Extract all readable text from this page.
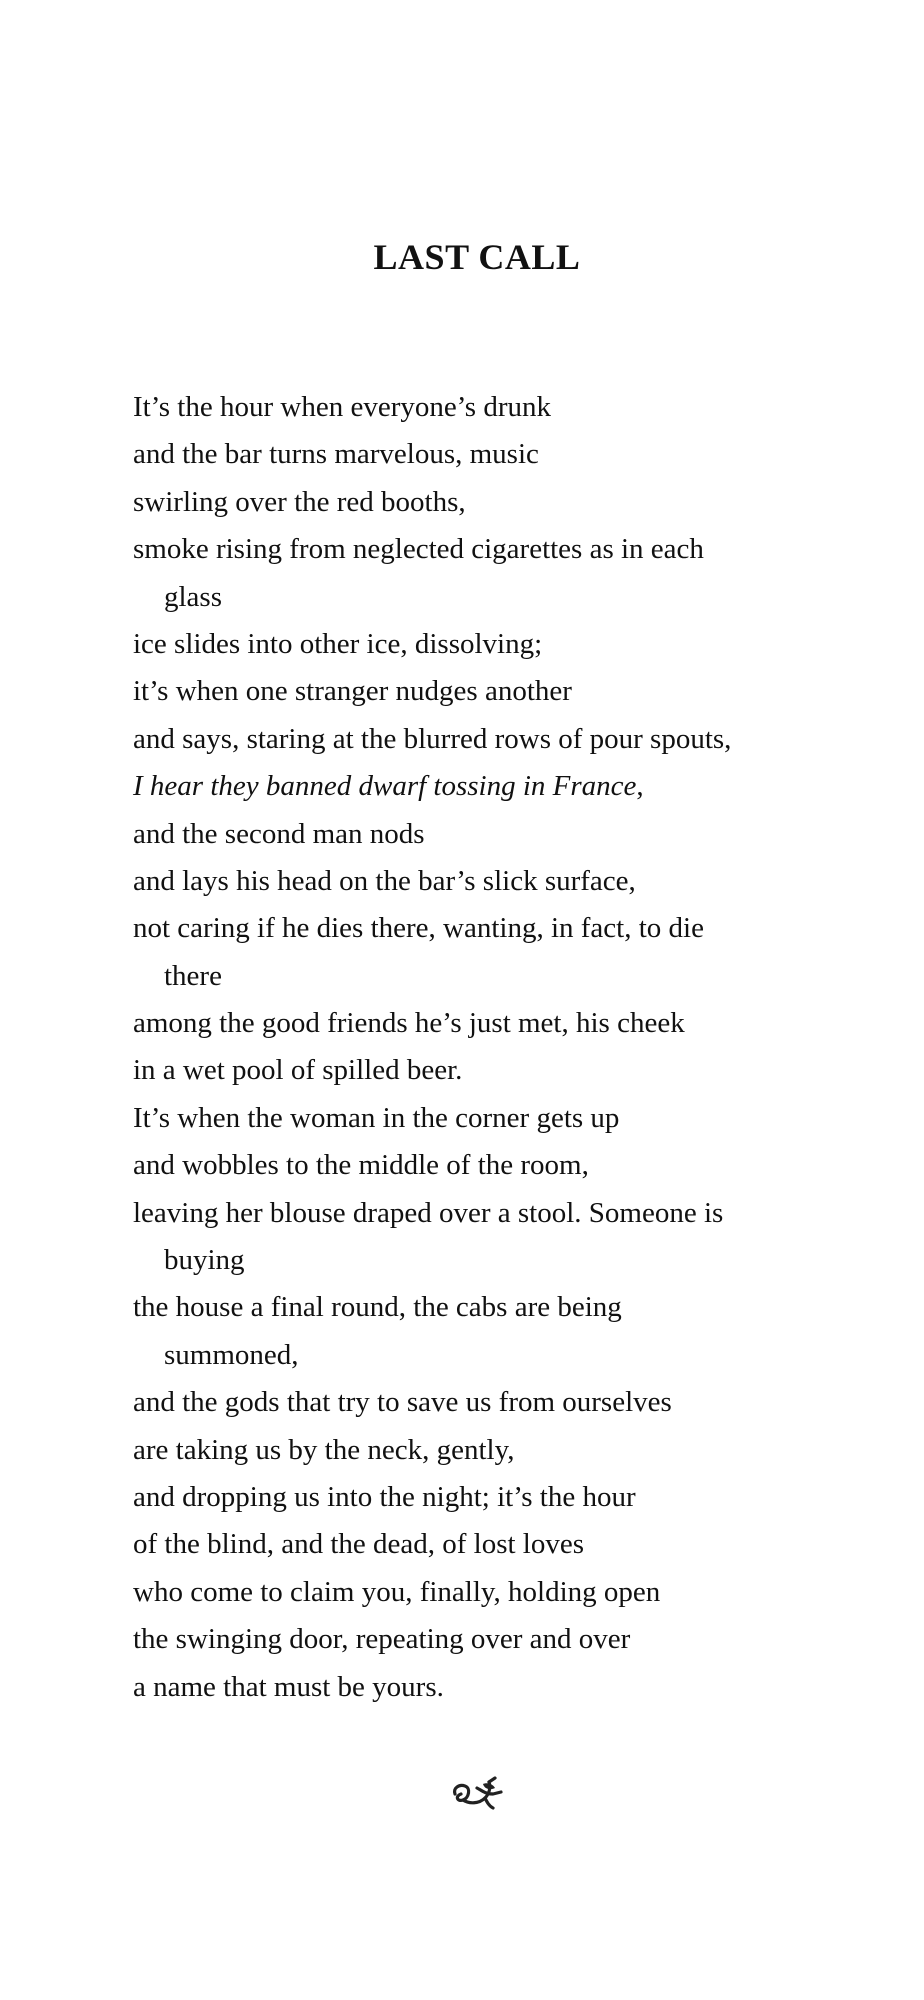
LAST CALL
It’s the hour when everyone’s drunk
and the bar turns marvelous, music
swirling over the red booths,
smoke rising from neglected cigarettes as in each
glass
ice slides into other ice, dissolving;
it’s when one stranger nudges another
and says, staring at the blurred rows of pour spouts,
I hear they banned dwarf tossing in France,
and the second man nods
and lays his head on the bar’s slick surface,
not caring if he dies there, wanting, in fact, to die
there
among the good friends he’s just met, his cheek
in a wet pool of spilled beer.
It’s when the woman in the corner gets up
and wobbles to the middle of the room,
leaving her blouse draped over a stool. Someone is
buying
the house a final round, the cabs are being
summoned,
and the gods that try to save us from ourselves
are taking us by the neck, gently,
and dropping us into the night; it’s the hour
of the blind, and the dead, of lost loves
who come to claim you, finally, holding open
the swinging door, repeating over and over
a name that must be yours.
